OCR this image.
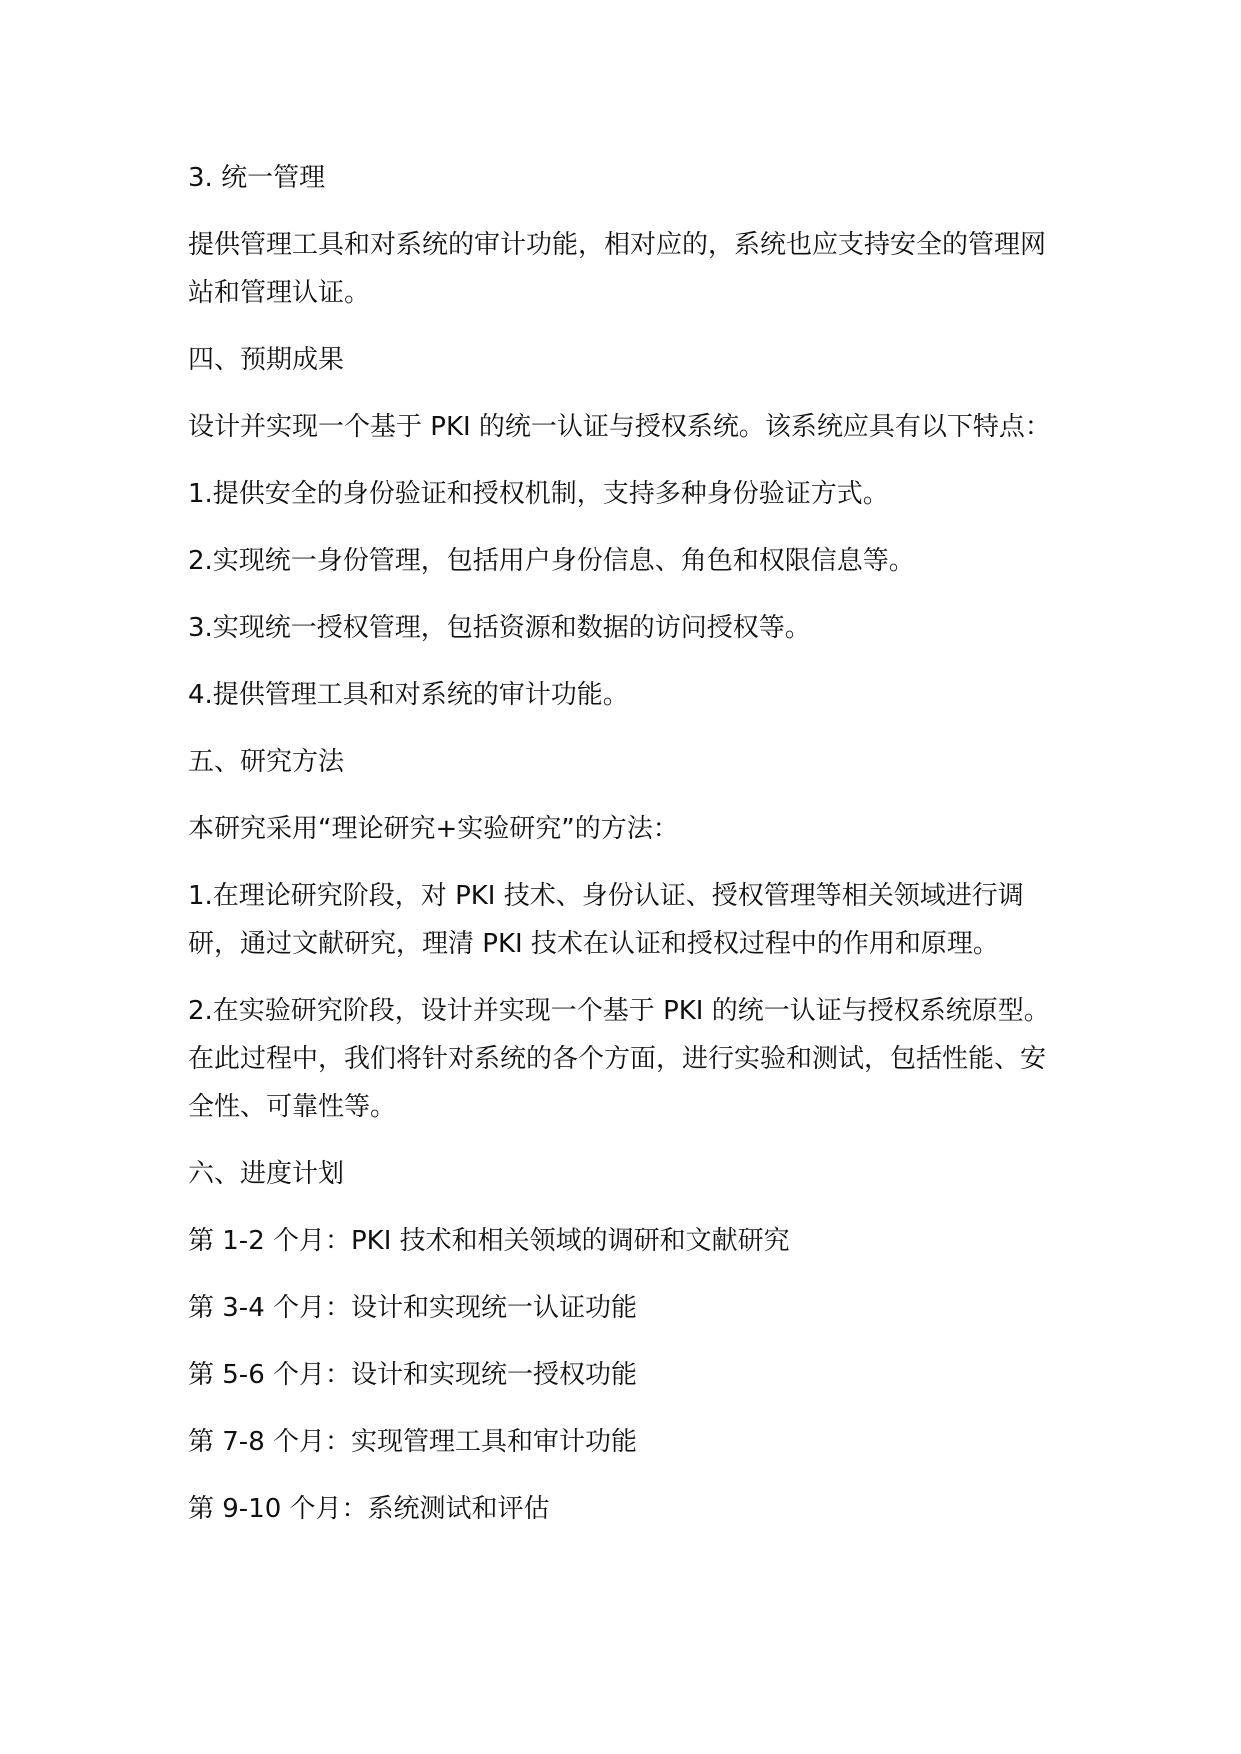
3. 统一管理

提供管理工具和对系统的审计功能，相对应的，系统也应支持安全的管理网站和管理认证。

四、预期成果

设计并实现一个基于 PKI 的统一认证与授权系统。该系统应具有以下特点：

1.提供安全的身份验证和授权机制，支持多种身份验证方式。

2.实现统一身份管理，包括用户身份信息、角色和权限信息等。

3.实现统一授权管理，包括资源和数据的访问授权等。

4.提供管理工具和对系统的审计功能。

五、研究方法

本研究采用“理论研究+实验研究”的方法：

1.在理论研究阶段，对 PKI 技术、身份认证、授权管理等相关领域进行调研，通过文献研究，理清 PKI 技术在认证和授权过程中的作用和原理。

2.在实验研究阶段，设计并实现一个基于 PKI 的统一认证与授权系统原型。在此过程中，我们将针对系统的各个方面，进行实验和测试，包括性能、安全性、可靠性等。

六、进度计划

第 1-2 个月：PKI 技术和相关领域的调研和文献研究

第 3-4 个月：设计和实现统一认证功能

第 5-6 个月：设计和实现统一授权功能

第 7-8 个月：实现管理工具和审计功能

第 9-10 个月：系统测试和评估
